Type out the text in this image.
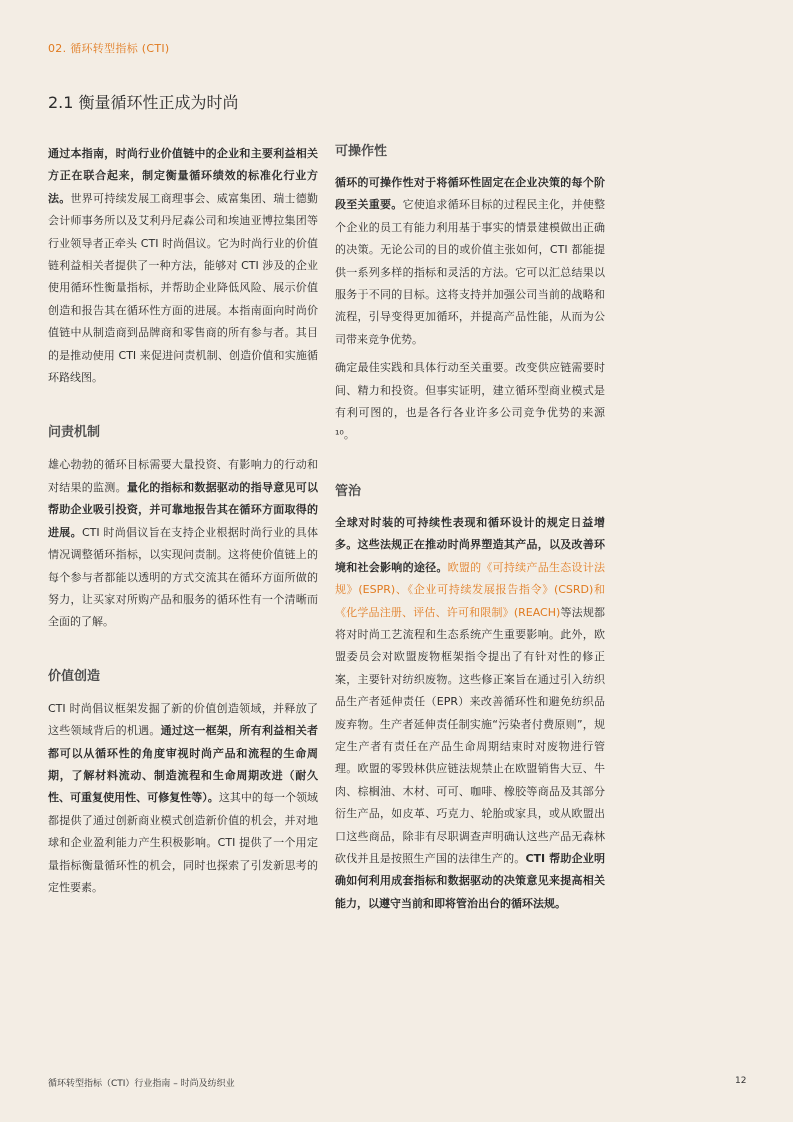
02. 循环转型指标 (CTI)
2.1 衡量循环性正成为时尚

通过本指南，时尚行业价值链中的企业和主要利益相关方正在联合起来，制定衡量循环绩效的标准化行业方法。世界可持续发展工商理事会、威富集团、瑞士德勤会计师事务所以及艾利丹尼森公司和埃迪亚博拉集团等行业领导者正牵头 CTI 时尚倡议。它为时尚行业的价值链利益相关者提供了一种方法，能够对 CTI 涉及的企业使用循环性衡量指标，并帮助企业降低风险、展示价值创造和报告其在循环性方面的进展。本指南面向时尚价值链中从制造商到品牌商和零售商的所有参与者。其目的是推动使用 CTI 来促进问责机制、创造价值和实施循环路线图。

问责机制

雄心勃勃的循环目标需要大量投资、有影响力的行动和对结果的监测。量化的指标和数据驱动的指导意见可以帮助企业吸引投资，并可靠地报告其在循环方面取得的进展。CTI 时尚倡议旨在支持企业根据时尚行业的具体情况调整循环指标，以实现问责制。这将使价值链上的每个参与者都能以透明的方式交流其在循环方面所做的努力，让买家对所购产品和服务的循环性有一个清晰而全面的了解。

价值创造

CTI 时尚倡议框架发掘了新的价值创造领域，并释放了这些领域背后的机遇。通过这一框架，所有利益相关者都可以从循环性的角度审视时尚产品和流程的生命周期，了解材料流动、制造流程和生命周期改进（耐久性、可重复使用性、可修复性等）。这其中的每一个领域都提供了通过创新商业模式创造新价值的机会，并对地球和企业盈利能力产生积极影响。CTI 提供了一个用定量指标衡量循环性的机会，同时也探索了引发新思考的定性要素。

可操作性

循环的可操作性对于将循环性固定在企业决策的每个阶段至关重要。它使追求循环目标的过程民主化，并使整个企业的员工有能力利用基于事实的情景建模做出正确的决策。无论公司的目的或价值主张如何，CTI 都能提供一系列多样的指标和灵活的方法。它可以汇总结果以服务于不同的目标。这将支持并加强公司当前的战略和流程，引导变得更加循环，并提高产品性能，从而为公司带来竞争优势。

确定最佳实践和具体行动至关重要。改变供应链需要时间、精力和投资。但事实证明，建立循环型商业模式是有利可图的，也是各行各业许多公司竞争优势的来源¹⁰。

管治

全球对时装的可持续性表现和循环设计的规定日益增多。这些法规正在推动时尚界塑造其产品，以及改善环境和社会影响的途径。欧盟的《可持续产品生态设计法规》(ESPR)、《企业可持续发展报告指令》(CSRD)和《化学品注册、评估、许可和限制》(REACH)等法规都将对时尚工艺流程和生态系统产生重要影响。此外，欧盟委员会对欧盟废物框架指令提出了有针对性的修正案，主要针对纺织废物。这些修正案旨在通过引入纺织品生产者延伸责任（EPR）来改善循环性和避免纺织品废弃物。生产者延伸责任制实施“污染者付费原则”，规定生产者有责任在产品生命周期结束时对废物进行管理。欧盟的零毁林供应链法规禁止在欧盟销售大豆、牛肉、棕榈油、木材、可可、咖啡、橡胶等商品及其部分衍生产品，如皮革、巧克力、轮胎或家具，或从欧盟出口这些商品，除非有尽职调查声明确认这些产品无森林砍伐并且是按照生产国的法律生产的。CTI 帮助企业明确如何利用成套指标和数据驱动的决策意见来提高相关能力，以遵守当前和即将管治出台的循环法规。

循环转型指标（CTI）行业指南 – 时尚及纺织业	12
